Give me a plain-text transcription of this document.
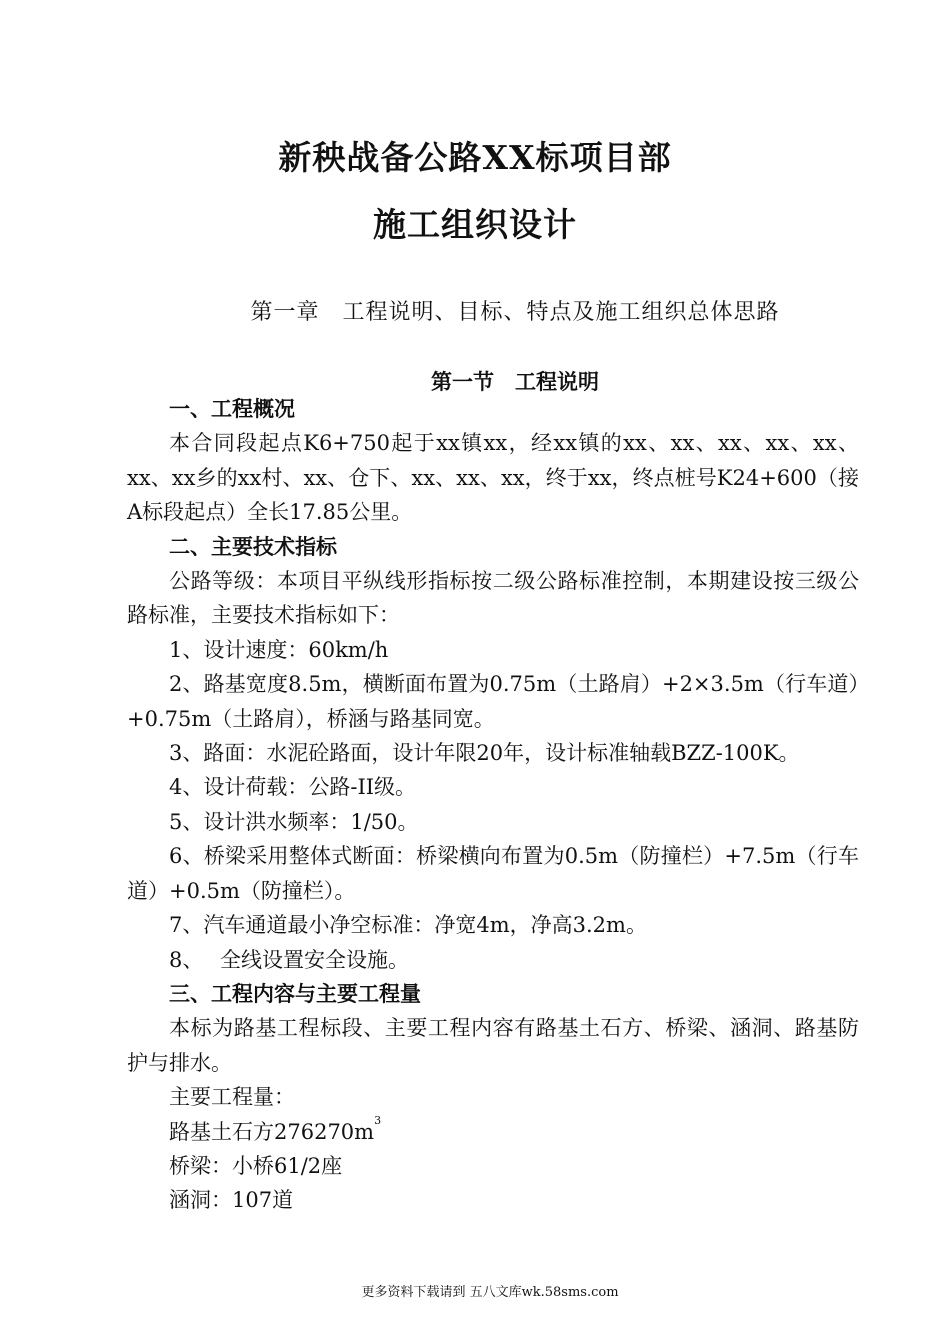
新秧战备公路XX标项目部
施工组织设计
第一章　工程说明、目标、特点及施工组织总体思路
第一节　工程说明

一、工程概况

本合同段起点K6+750起于xx镇xx，经xx镇的xx、xx、xx、xx、xx、xx、xx乡的xx村、xx、仓下、xx、xx、xx，终于xx，终点桩号K24+600（接A标段起点）全长17.85公里。

二、主要技术指标

公路等级：本项目平纵线形指标按二级公路标准控制，本期建设按三级公路标准，主要技术指标如下：

1、设计速度：60km/h

2、路基宽度8.5m，横断面布置为0.75m（土路肩）+2×3.5m（行车道）+0.75m（土路肩），桥涵与路基同宽。

3、路面：水泥砼路面，设计年限20年，设计标准轴载BZZ-100K。

4、设计荷载：公路-II级。

5、设计洪水频率：1/50。

6、桥梁采用整体式断面：桥梁横向布置为0.5m（防撞栏）+7.5m（行车道）+0.5m（防撞栏）。

7、汽车通道最小净空标准：净宽4m，净高3.2m。

8、 全线设置安全设施。

三、工程内容与主要工程量

本标为路基工程标段、主要工程内容有路基土石方、桥梁、涵洞、路基防护与排水。

主要工程量：

路基土石方$276270m^3$

桥梁：小桥61/2座

涵洞：107道

更多资料下载请到 五八文库wk.58sms.com
